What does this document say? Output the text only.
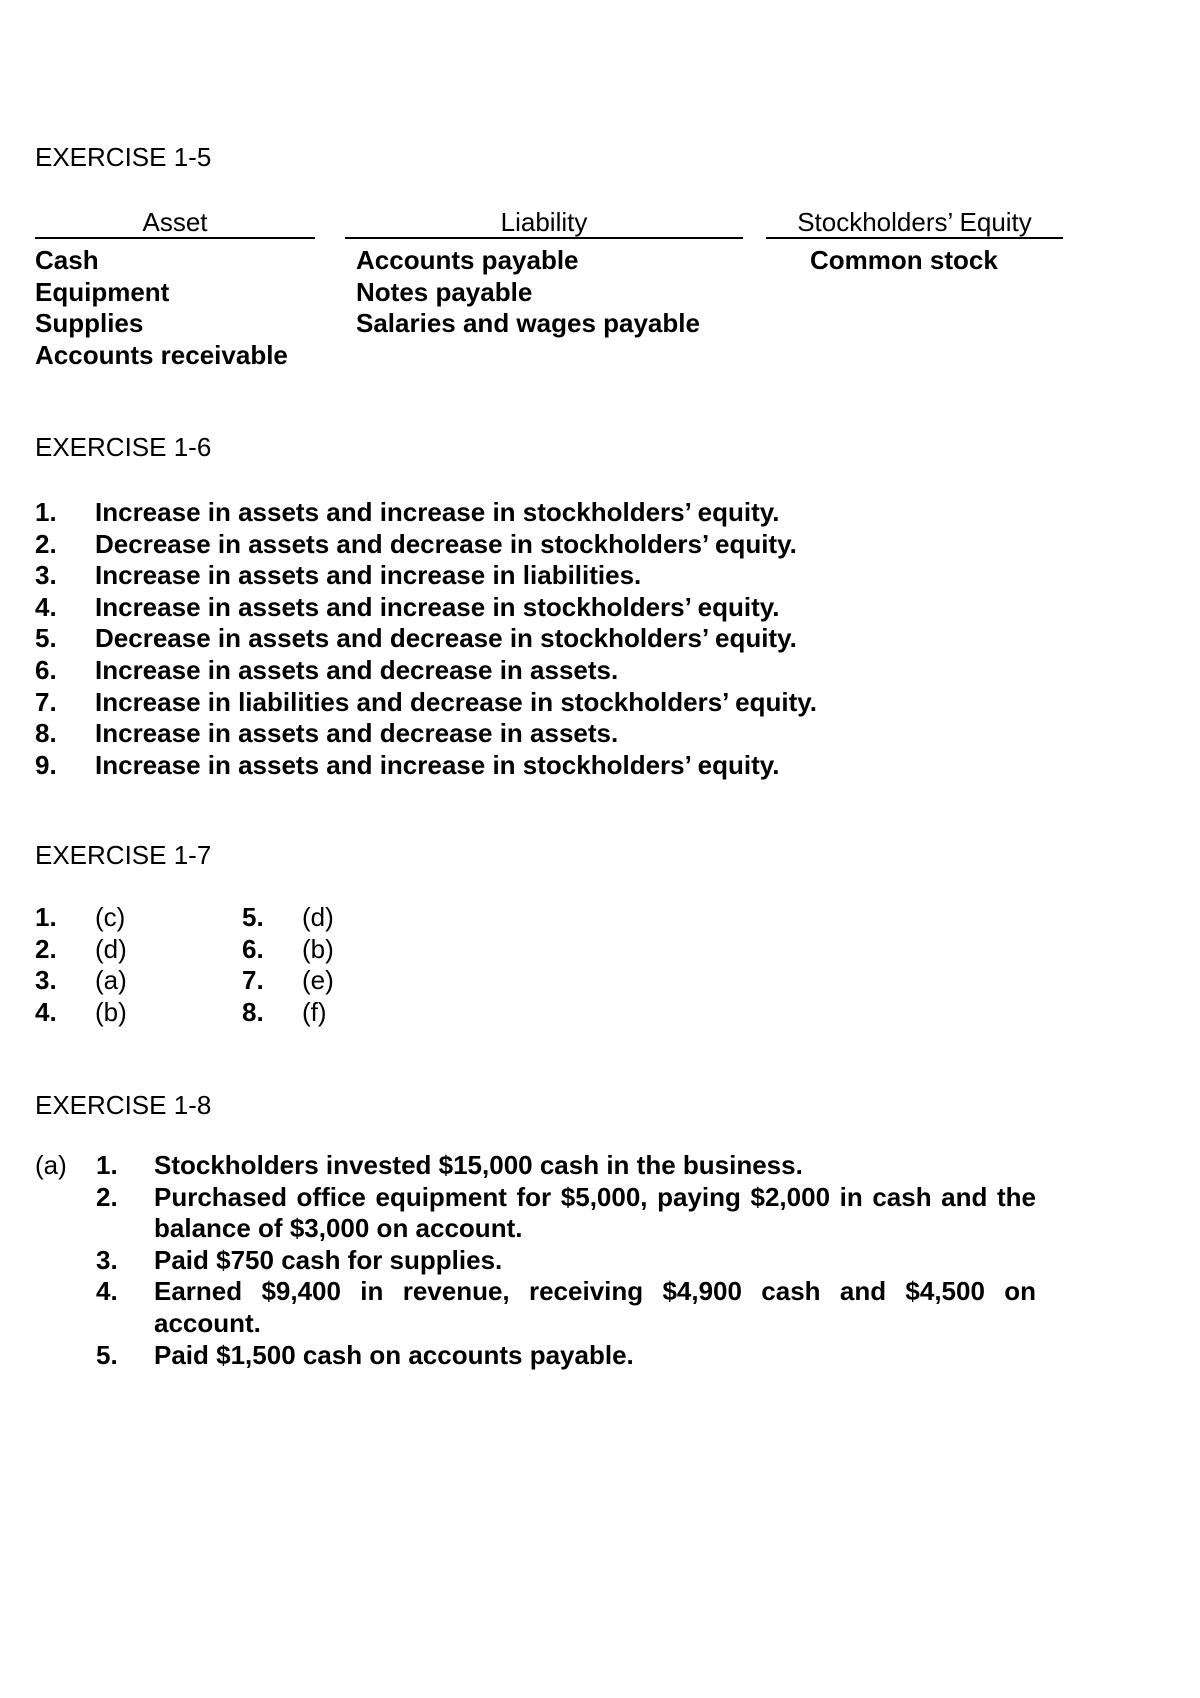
EXERCISE 1-5
Asset	Liability	Stockholders’ Equity
Cash
Equipment
Supplies
Accounts receivable
Accounts payable
Notes payable
Salaries and wages payable
Common stock
EXERCISE 1-6
1. Increase in assets and increase in stockholders’ equity.
2. Decrease in assets and decrease in stockholders’ equity.
3. Increase in assets and increase in liabilities.
4. Increase in assets and increase in stockholders’ equity.
5. Decrease in assets and decrease in stockholders’ equity.
6. Increase in assets and decrease in assets.
7. Increase in liabilities and decrease in stockholders’ equity.
8. Increase in assets and decrease in assets.
9. Increase in assets and increase in stockholders’ equity.
EXERCISE 1-7
1. (c)
2. (d)
3. (a)
4. (b)
5. (d)
6. (b)
7. (e)
8. (f)
EXERCISE 1-8
(a) 1. Stockholders invested $15,000 cash in the business.
2. Purchased office equipment for $5,000, paying $2,000 in cash and the balance of $3,000 on account.
3. Paid $750 cash for supplies.
4. Earned $9,400 in revenue, receiving $4,900 cash and $4,500 on account.
5. Paid $1,500 cash on accounts payable.
